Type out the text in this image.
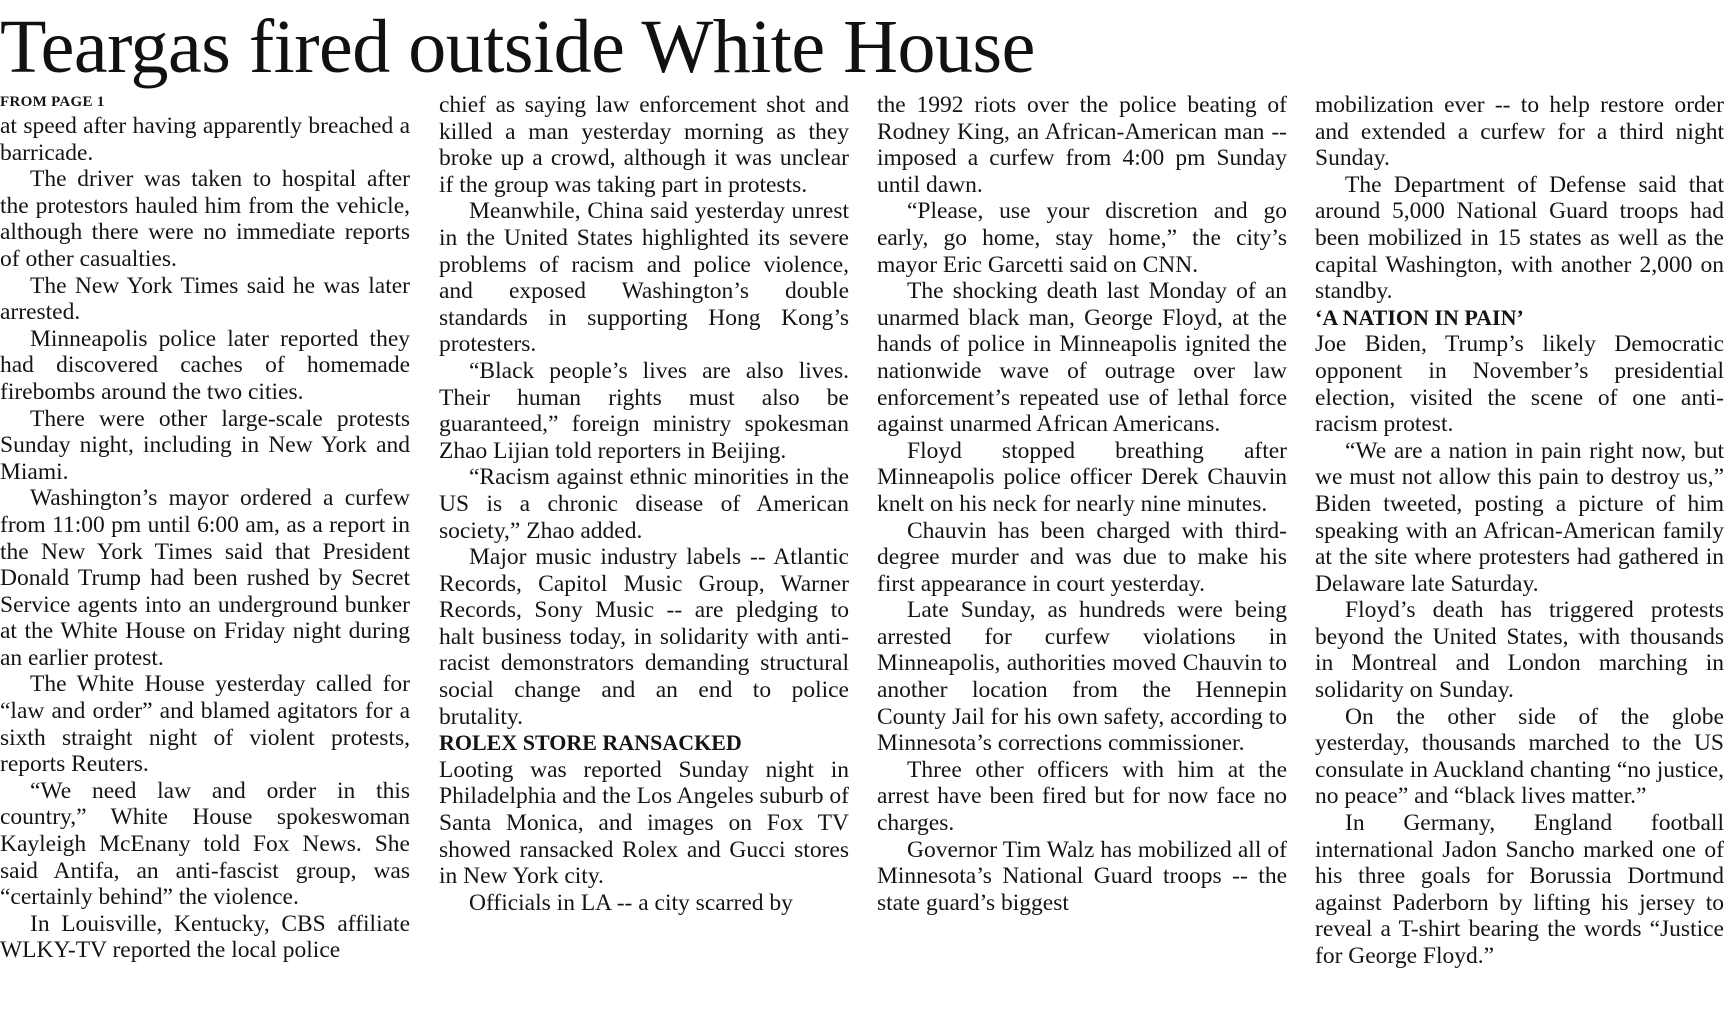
Teargas fired outside White House
FROM PAGE 1

at speed after having apparently breached a barricade.

The driver was taken to hospital after the protestors hauled him from the vehicle, although there were no immediate reports of other casualties.

The New York Times said he was later arrested.

Minneapolis police later reported they had discovered caches of homemade firebombs around the two cities.

There were other large-scale protests Sunday night, including in New York and Miami.

Washington’s mayor ordered a curfew from 11:00 pm until 6:00 am, as a report in the New York Times said that President Donald Trump had been rushed by Secret Service agents into an underground bunker at the White House on Friday night during an earlier protest.

The White House yesterday called for “law and order” and blamed agitators for a sixth straight night of violent protests, reports Reuters.

“We need law and order in this country,” White House spokeswoman Kayleigh McEnany told Fox News. She said Antifa, an anti-fascist group, was “certainly behind” the violence.

In Louisville, Kentucky, CBS affiliate WLKY-TV reported the local police

chief as saying law enforcement shot and killed a man yesterday morning as they broke up a crowd, although it was unclear if the group was taking part in protests.

Meanwhile, China said yesterday unrest in the United States highlighted its severe problems of racism and police violence, and exposed Washington’s double standards in supporting Hong Kong’s protesters.

“Black people’s lives are also lives. Their human rights must also be guaranteed,” foreign ministry spokesman Zhao Lijian told reporters in Beijing.

“Racism against ethnic minorities in the US is a chronic disease of American society,” Zhao added.

Major music industry labels -- Atlantic Records, Capitol Music Group, Warner Records, Sony Music -- are pledging to halt business today, in solidarity with anti-racist demonstrators demanding structural social change and an end to police brutality.

ROLEX STORE RANSACKED

Looting was reported Sunday night in Philadelphia and the Los Angeles suburb of Santa Monica, and images on Fox TV showed ransacked Rolex and Gucci stores in New York city.

Officials in LA -- a city scarred by

the 1992 riots over the police beating of Rodney King, an African-American man -- imposed a curfew from 4:00 pm Sunday until dawn.

“Please, use your discretion and go early, go home, stay home,” the city’s mayor Eric Garcetti said on CNN.

The shocking death last Monday of an unarmed black man, George Floyd, at the hands of police in Minneapolis ignited the nationwide wave of outrage over law enforcement’s repeated use of lethal force against unarmed African Americans.

Floyd stopped breathing after Minneapolis police officer Derek Chauvin knelt on his neck for nearly nine minutes.

Chauvin has been charged with third-degree murder and was due to make his first appearance in court yesterday.

Late Sunday, as hundreds were being arrested for curfew violations in Minneapolis, authorities moved Chauvin to another location from the Hennepin County Jail for his own safety, according to Minnesota’s corrections commissioner.

Three other officers with him at the arrest have been fired but for now face no charges.

Governor Tim Walz has mobilized all of Minnesota’s National Guard troops -- the state guard’s biggest

mobilization ever -- to help restore order and extended a curfew for a third night Sunday.

The Department of Defense said that around 5,000 National Guard troops had been mobilized in 15 states as well as the capital Washington, with another 2,000 on standby.

‘A NATION IN PAIN’

Joe Biden, Trump’s likely Democratic opponent in November’s presidential election, visited the scene of one anti-racism protest.

“We are a nation in pain right now, but we must not allow this pain to destroy us,” Biden tweeted, posting a picture of him speaking with an African-American family at the site where protesters had gathered in Delaware late Saturday.

Floyd’s death has triggered protests beyond the United States, with thousands in Montreal and London marching in solidarity on Sunday.

On the other side of the globe yesterday, thousands marched to the US consulate in Auckland chanting “no justice, no peace” and “black lives matter.”

In Germany, England football international Jadon Sancho marked one of his three goals for Borussia Dortmund against Paderborn by lifting his jersey to reveal a T-shirt bearing the words “Justice for George Floyd.”
